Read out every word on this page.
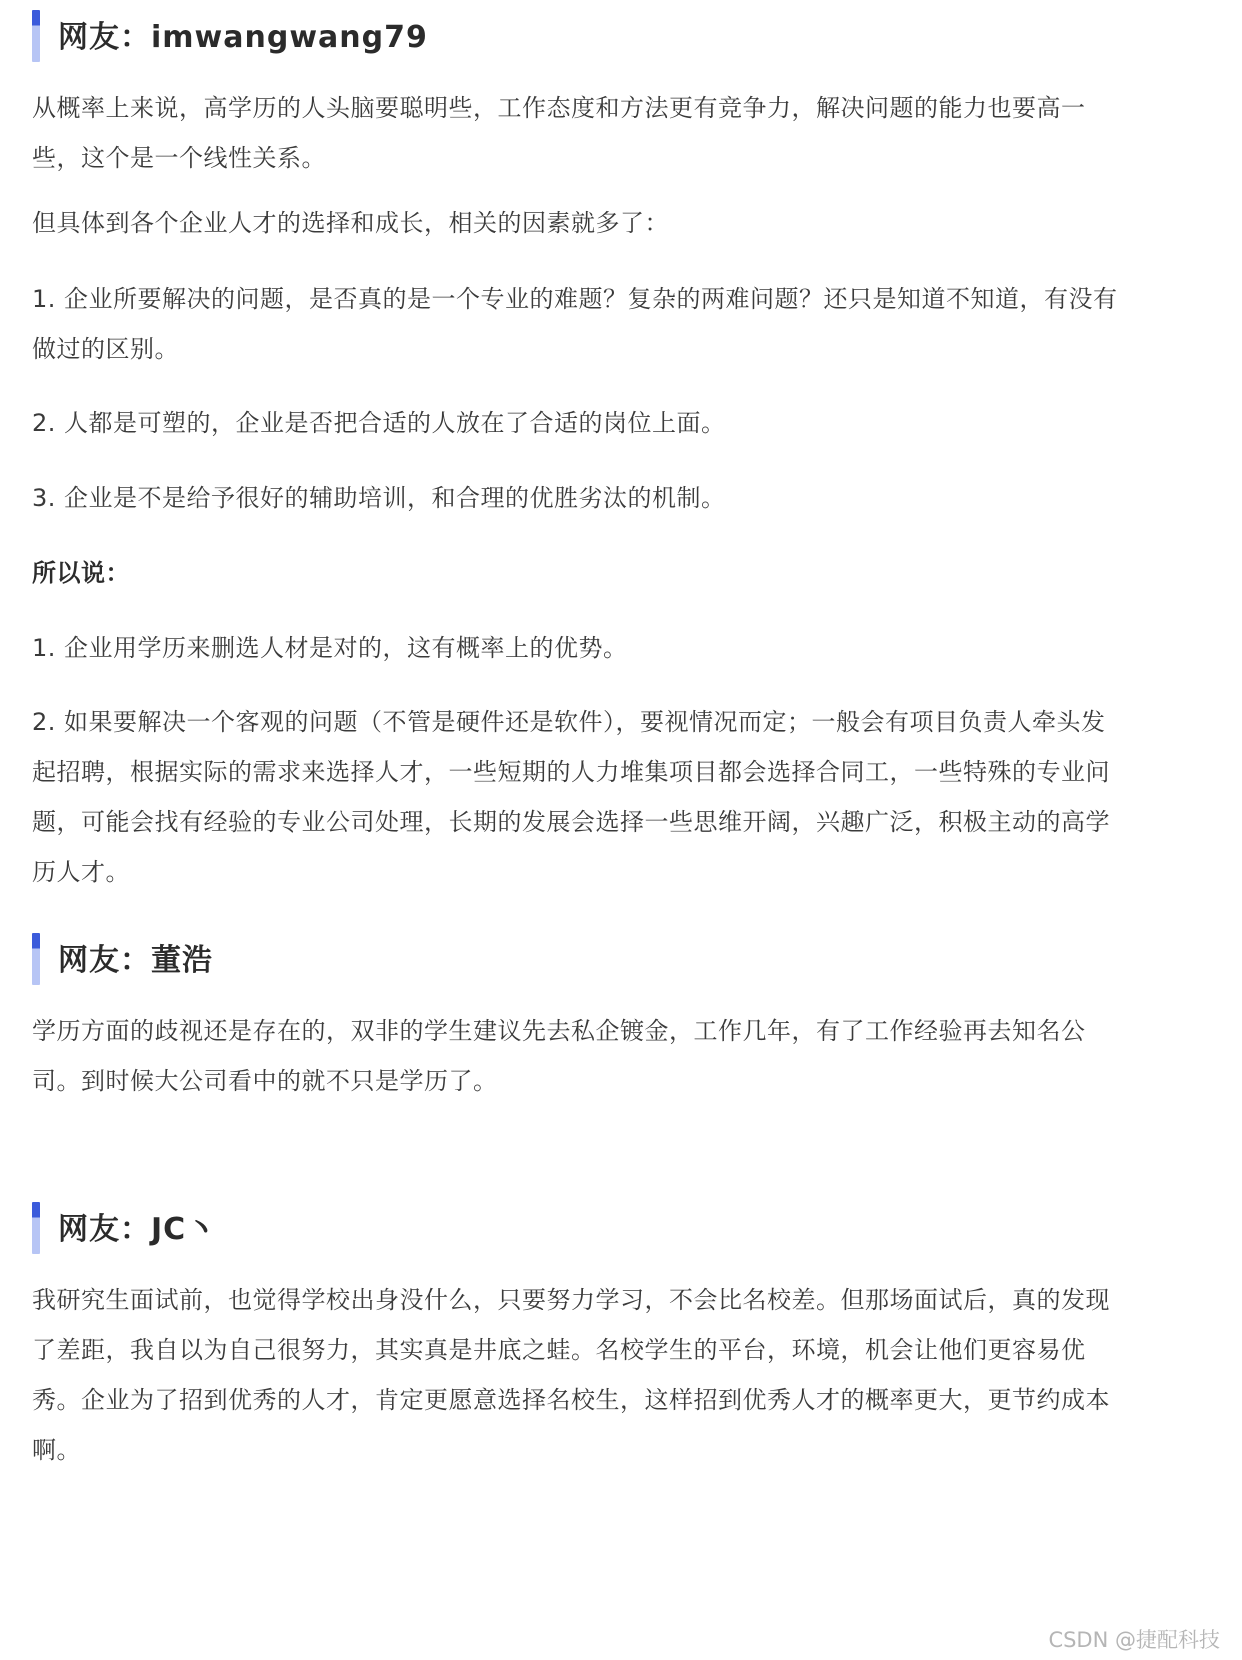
网友：imwangwang79

从概率上来说，高学历的人头脑要聪明些，工作态度和方法更有竞争力，解决问题的能力也要高一些，这个是一个线性关系。

但具体到各个企业人才的选择和成长，相关的因素就多了：

1. 企业所要解决的问题，是否真的是一个专业的难题？复杂的两难问题？还只是知道不知道，有没有做过的区别。

2. 人都是可塑的，企业是否把合适的人放在了合适的岗位上面。

3. 企业是不是给予很好的辅助培训，和合理的优胜劣汰的机制。

所以说：

1. 企业用学历来删选人材是对的，这有概率上的优势。

2. 如果要解决一个客观的问题（不管是硬件还是软件），要视情况而定；一般会有项目负责人牵头发起招聘，根据实际的需求来选择人才，一些短期的人力堆集项目都会选择合同工，一些特殊的专业问题，可能会找有经验的专业公司处理，长期的发展会选择一些思维开阔，兴趣广泛，积极主动的高学历人才。

网友：董浩

学历方面的歧视还是存在的，双非的学生建议先去私企镀金，工作几年，有了工作经验再去知名公司。到时候大公司看中的就不只是学历了。

网友：JC丶

我研究生面试前，也觉得学校出身没什么，只要努力学习，不会比名校差。但那场面试后，真的发现了差距，我自以为自己很努力，其实真是井底之蛙。名校学生的平台，环境，机会让他们更容易优秀。企业为了招到优秀的人才，肯定更愿意选择名校生，这样招到优秀人才的概率更大，更节约成本啊。

CSDN @捷配科技
